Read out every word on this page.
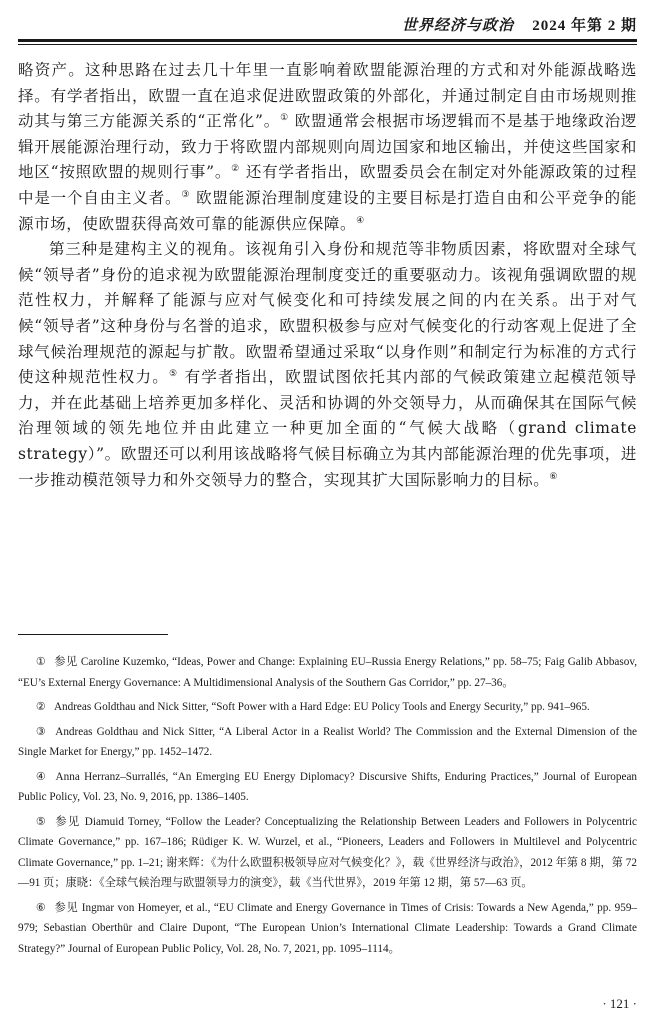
世界经济与政治 2024 年第 2 期

略资产。这种思路在过去几十年里一直影响着欧盟能源治理的方式和对外能源战略选择。有学者指出，欧盟一直在追求促进欧盟政策的外部化，并通过制定自由市场规则推动其与第三方能源关系的“正常化”。① 欧盟通常会根据市场逻辑而不是基于地缘政治逻辑开展能源治理行动，致力于将欧盟内部规则向周边国家和地区输出，并使这些国家和地区“按照欧盟的规则行事”。② 还有学者指出，欧盟委员会在制定对外能源政策的过程中是一个自由主义者。③ 欧盟能源治理制度建设的主要目标是打造自由和公平竞争的能源市场，使欧盟获得高效可靠的能源供应保障。④

第三种是建构主义的视角。该视角引入身份和规范等非物质因素，将欧盟对全球气候“领导者”身份的追求视为欧盟能源治理制度变迁的重要驱动力。该视角强调欧盟的规范性权力，并解释了能源与应对气候变化和可持续发展之间的内在关系。出于对气候“领导者”这种身份与名誉的追求，欧盟积极参与应对气候变化的行动客观上促进了全球气候治理规范的源起与扩散。欧盟希望通过采取“以身作则”和制定行为标准的方式行使这种规范性权力。⑤ 有学者指出，欧盟试图依托其内部的气候政策建立起模范领导力，并在此基础上培养更加多样化、灵活和协调的外交领导力，从而确保其在国际气候治理领域的领先地位并由此建立一种更加全面的“气候大战略（grand climate strategy）”。欧盟还可以利用该战略将气候目标确立为其内部能源治理的优先事项，进一步推动模范领导力和外交领导力的整合，实现其扩大国际影响力的目标。⑥

① 参见 Caroline Kuzemko, “Ideas, Power and Change: Explaining EU–Russia Energy Relations,” pp. 58–75; Faig Galib Abbasov, “EU’s External Energy Governance: A Multidimensional Analysis of the Southern Gas Corridor,” pp. 27–36。

② Andreas Goldthau and Nick Sitter, “Soft Power with a Hard Edge: EU Policy Tools and Energy Security,” pp. 941–965.

③ Andreas Goldthau and Nick Sitter, “A Liberal Actor in a Realist World? The Commission and the External Dimension of the Single Market for Energy,” pp. 1452–1472.

④ Anna Herranz–Surrallés, “An Emerging EU Energy Diplomacy? Discursive Shifts, Enduring Practices,” Journal of European Public Policy, Vol. 23, No. 9, 2016, pp. 1386–1405.

⑤ 参见 Diamuid Torney, “Follow the Leader? Conceptualizing the Relationship Between Leaders and Followers in Polycentric Climate Governance,” pp. 167–186; Rüdiger K. W. Wurzel, et al., “Pioneers, Leaders and Followers in Multilevel and Polycentric Climate Governance,” pp. 1–21; 谢来辉：《为什么欧盟积极领导应对气候变化？》，载《世界经济与政治》，2012 年第 8 期，第 72—91 页；康晓：《全球气候治理与欧盟领导力的演变》，载《当代世界》，2019 年第 12 期，第 57—63 页。

⑥ 参见 Ingmar von Homeyer, et al., “EU Climate and Energy Governance in Times of Crisis: Towards a New Agenda,” pp. 959–979; Sebastian Oberthür and Claire Dupont, “The European Union’s International Climate Leadership: Towards a Grand Climate Strategy?” Journal of European Public Policy, Vol. 28, No. 7, 2021, pp. 1095–1114。

· 121 ·
